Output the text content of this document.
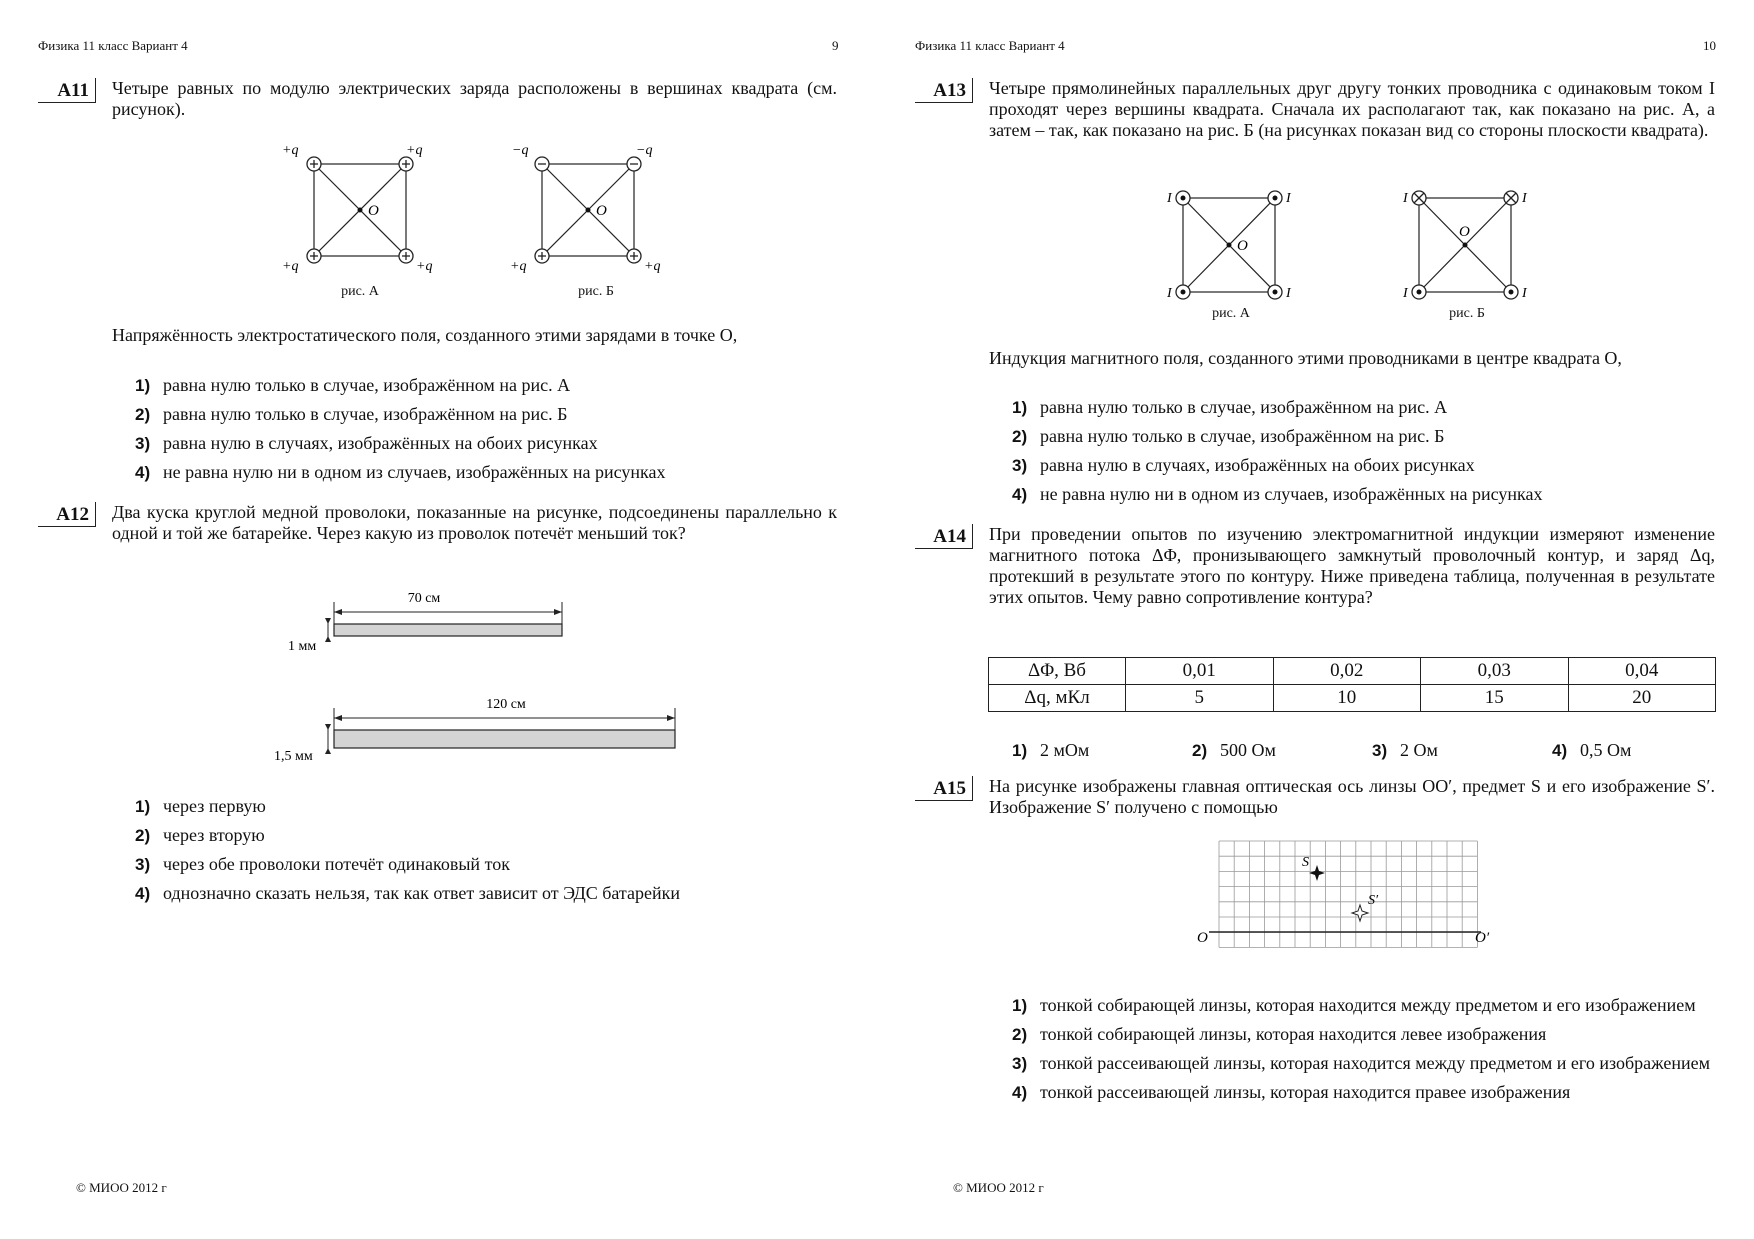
Физика 11 класс Вариант 4	9
А11	Четыре равных по модулю электрических заряда расположены в вершинах квадрата (см. рисунок).
O
+q	+q
+q	+q
рис. А
O
−q	−q
+q	+q
рис. Б
Напряжённость электростатического поля, созданного этими зарядами в точке O,
1) равна нулю только в случае, изображённом на рис. А
2) равна нулю только в случае, изображённом на рис. Б
3) равна нулю в случаях, изображённых на обоих рисунках
4) не равна нулю ни в одном из случаев, изображённых на рисунках
А12	Два куска круглой медной проволоки, показанные на рисунке, подсоединены параллельно к одной и той же батарейке. Через какую из проволок потечёт меньший ток?
70 см
1 мм
120 см
1,5 мм
1) через первую
2) через вторую
3) через обе проволоки потечёт одинаковый ток
4) однозначно сказать нельзя, так как ответ зависит от ЭДС батарейки
© МИОО 2012 г
Физика 11 класс Вариант 4	10
А13	Четыре прямолинейных параллельных друг другу тонких проводника с одинаковым током I проходят через вершины квадрата. Сначала их располагают так, как показано на рис. А, а затем – так, как показано на рис. Б (на рисунках показан вид со стороны плоскости квадрата).
O
I	I
I	I
рис. А
O
I	I
I	I
рис. Б
Индукция магнитного поля, созданного этими проводниками в центре квадрата O,
1) равна нулю только в случае, изображённом на рис. А
2) равна нулю только в случае, изображённом на рис. Б
3) равна нулю в случаях, изображённых на обоих рисунках
4) не равна нулю ни в одном из случаев, изображённых на рисунках
А14	При проведении опытов по изучению электромагнитной индукции измеряют изменение магнитного потока ΔΦ, пронизывающего замкнутый проволочный контур, и заряд Δq, протекший в результате этого по контуру. Ниже приведена таблица, полученная в результате этих опытов. Чему равно сопротивление контура?
ΔΦ, Вб	0,01	0,02	0,03	0,04
Δq, мКл	5	10	15	20
1) 2 мОм	2) 500 Ом	3) 2 Ом	4) 0,5 Ом
А15	На рисунке изображены главная оптическая ось линзы OO′, предмет S и его изображение S′. Изображение S′ получено с помощью
O	O′
S
S′
1) тонкой собирающей линзы, которая находится между предметом и его изображением
2) тонкой собирающей линзы, которая находится левее изображения
3) тонкой рассеивающей линзы, которая находится между предметом и его изображением
4) тонкой рассеивающей линзы, которая находится правее изображения
© МИОО 2012 г
